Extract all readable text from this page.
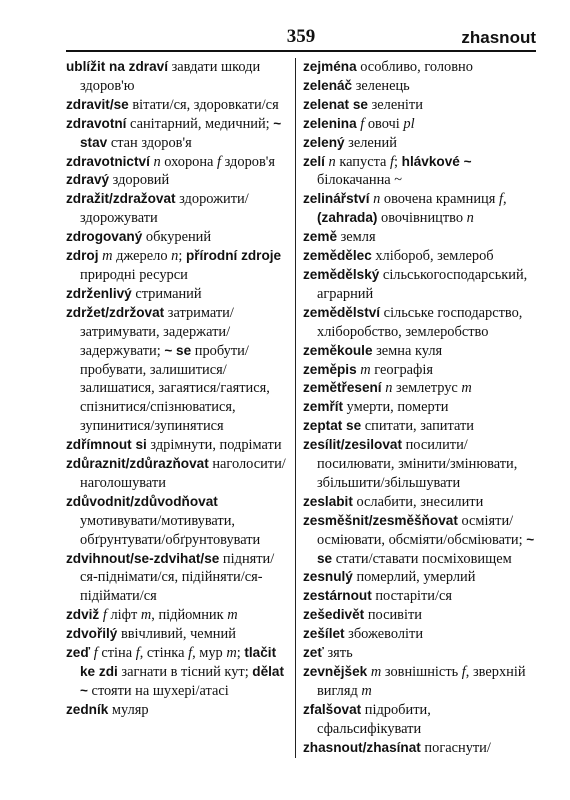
359	zhasnout

ublížit na zdraví завдати шкоди здоров'ю

zdravit/se вітати/ся, здоровкати/ся

zdravotní санітарний, медичний; ~ stav стан здоров'я

zdravotnictví n охорона f здоров'я

zdravý здоровий

zdražit/zdražovat здорожити/здорожувати

zdrogovaný обкурений

zdroj m джерело n; přírodní zdroje природні ресурси

zdrženlivý стриманий

zdržet/zdržovat затримати/затримувати, задержати/задержувати; ~ se пробути/пробувати, залишитися/залишатися, загаятися/гаятися, спізнитися/спізнюватися, зупинитися/зупинятися

zdřímnout si здрімнути, подрімати

zdůraznit/zdůrazňovat наголосити/наголошувати

zdůvodnit/zdůvodňovat умотивувати/мотивувати, обґрунтувати/обґрунтовувати

zdvihnout/se-zdvihat/se підняти/ся-піднімати/ся, підійняти/ся-підіймати/ся

zdviž f ліфт m, підйомник m

zdvořilý ввічливий, чемний

zeď f стіна f, стінка f, мур m; tlačit ke zdi загнати в тісний кут; dělat ~ стояти на шухері/атасі

zedník муляр

zejména особливо, головно

zelenáč зеленець

zelenat se зеленіти

zelenina f овочі pl

zelený зелений

zelí n капуста f; hlávkové ~ білокачанна ~

zelinářství n овочена крамниця f, (zahrada) овочівництво n

země земля

zemědělec хлібороб, землероб

zemědělský сільськогосподарський, аграрний

zemědělství сільське господарство, хліборобство, землеробство

zeměkoule земна куля

zeměpis m географія

zemětřesení n землетрус m

zemřít умерти, померти

zeptat se спитати, запитати

zesílit/zesilovat посилити/посилювати, змінити/змінювати, збільшити/збільшувати

zeslabit ослабити, знесилити

zesměšnit/zesměšňovat осміяти/осміювати, обсміяти/обсміювати; ~ se стати/ставати посміховищем

zesnulý померлий, умерлий

zestárnout постаріти/ся

zešedivět посивіти

zešílet збожеволіти

zeť зять

zevnějšek m зовнішність f, зверхній вигляд m

zfalšovat підробити, сфальсифікувати

zhasnout/zhasínat погаснути/
